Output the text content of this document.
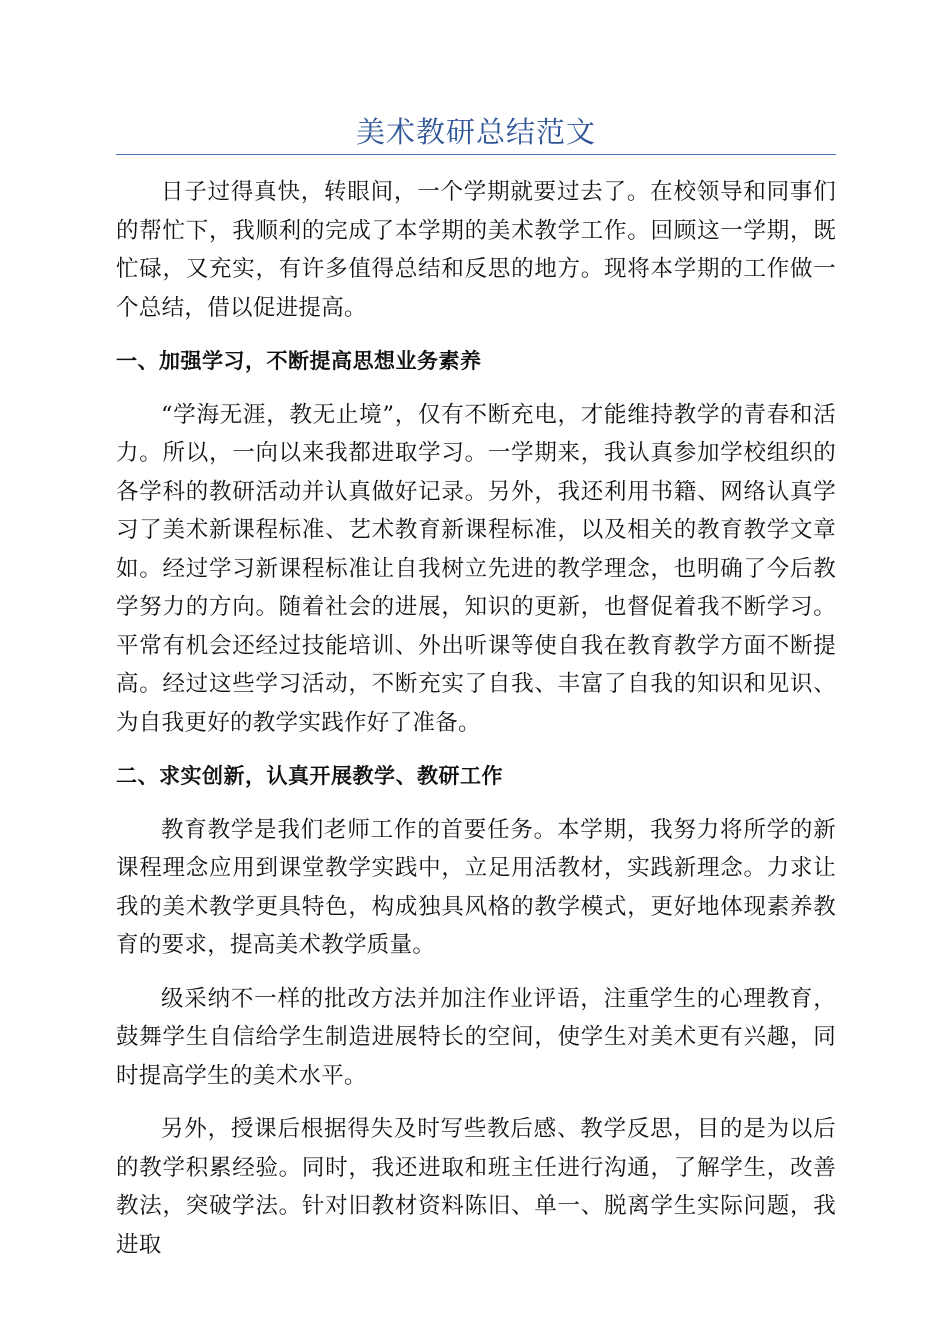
美术教研总结范文

日子过得真快，转眼间，一个学期就要过去了。在校领导和同事们的帮忙下，我顺利的完成了本学期的美术教学工作。回顾这一学期，既忙碌，又充实，有许多值得总结和反思的地方。现将本学期的工作做一个总结，借以促进提高。

一、加强学习，不断提高思想业务素养

“学海无涯，教无止境”，仅有不断充电，才能维持教学的青春和活力。所以，一向以来我都进取学习。一学期来，我认真参加学校组织的各学科的教研活动并认真做好记录。另外，我还利用书籍、网络认真学习了美术新课程标准、艺术教育新课程标准，以及相关的教育教学文章如。经过学习新课程标准让自我树立先进的教学理念，也明确了今后教学努力的方向。随着社会的进展，知识的更新，也督促着我不断学习。平常有机会还经过技能培训、外出听课等使自我在教育教学方面不断提高。经过这些学习活动，不断充实了自我、丰富了自我的知识和见识、为自我更好的教学实践作好了准备。

二、求实创新，认真开展教学、教研工作

教育教学是我们老师工作的首要任务。本学期，我努力将所学的新课程理念应用到课堂教学实践中，立足用活教材，实践新理念。力求让我的美术教学更具特色，构成独具风格的教学模式，更好地体现素养教育的要求，提高美术教学质量。

级采纳不一样的批改方法并加注作业评语，注重学生的心理教育，鼓舞学生自信给学生制造进展特长的空间，使学生对美术更有兴趣，同时提高学生的美术水平。

另外，授课后根据得失及时写些教后感、教学反思，目的是为以后的教学积累经验。同时，我还进取和班主任进行沟通，了解学生，改善教法，突破学法。针对旧教材资料陈旧、单一、脱离学生实际问题，我进取
